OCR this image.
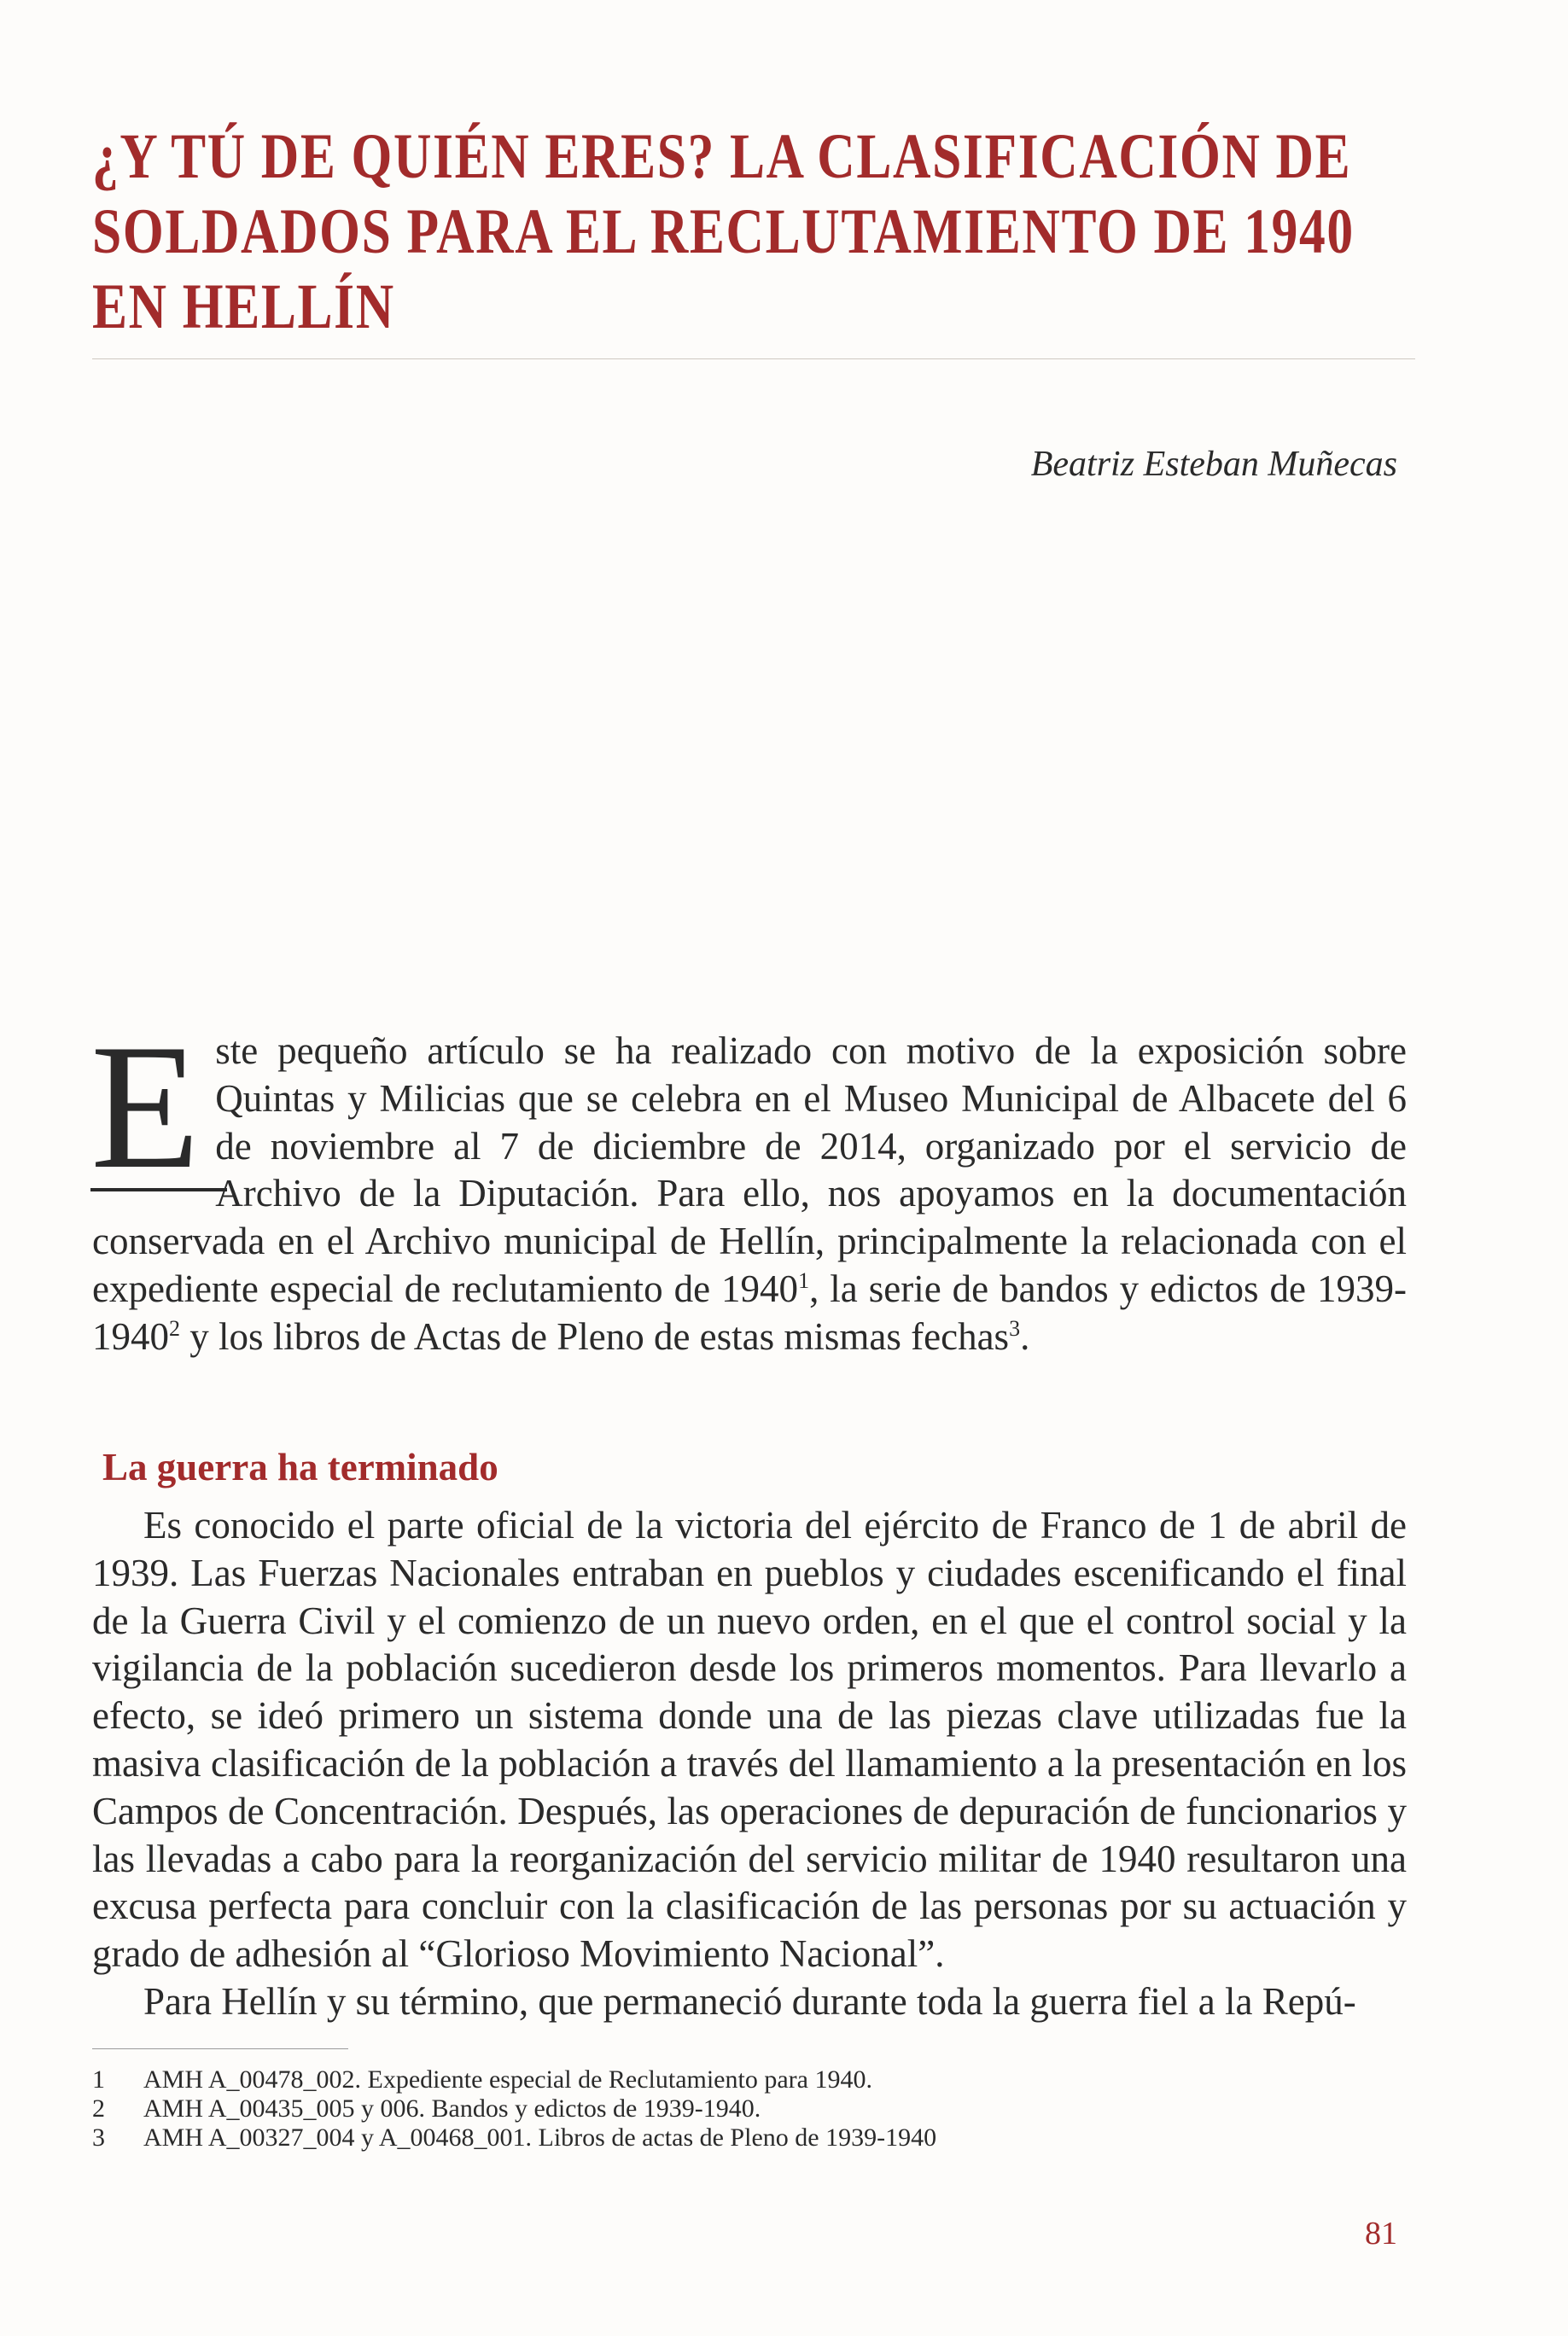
¿Y TÚ DE QUIÉN ERES? LA CLASIFICACIÓN DE SOLDADOS PARA EL RECLUTAMIENTO DE 1940 EN HELLÍN
Beatriz Esteban Muñecas

Este pequeño artículo se ha realizado con motivo de la exposición sobre Quintas y Milicias que se celebra en el Museo Municipal de Albacete del 6 de noviembre al 7 de diciembre de 2014, organizado por el servicio de Archivo de la Diputación. Para ello, nos apoyamos en la documentación conservada en el Archivo municipal de Hellín, principalmente la relacionada con el expediente especial de reclutamiento de 1940$^1$, la serie de bandos y edictos de 1939-1940$^2$ y los libros de Actas de Pleno de estas mismas fechas$^3$.

La guerra ha terminado

Es conocido el parte oficial de la victoria del ejército de Franco de 1 de abril de 1939. Las Fuerzas Nacionales entraban en pueblos y ciudades escenificando el final de la Guerra Civil y el comienzo de un nuevo orden, en el que el control social y la vigilancia de la población sucedieron desde los primeros momentos. Para llevarlo a efecto, se ideó primero un sistema donde una de las piezas clave utilizadas fue la masiva clasificación de la población a través del llamamiento a la presentación en los Campos de Concentración. Después, las operaciones de depuración de funcionarios y las llevadas a cabo para la reorganización del servicio militar de 1940 resultaron una excusa perfecta para concluir con la clasificación de las personas por su actuación y grado de adhesión al “Glorioso Movimiento Nacional”.

Para Hellín y su término, que permaneció durante toda la guerra fiel a la Repú-

1	AMH A_00478_002. Expediente especial de Reclutamiento para 1940.

2	AMH A_00435_005 y 006. Bandos y edictos de 1939-1940.

3	AMH A_00327_004 y A_00468_001. Libros de actas de Pleno de 1939-1940

81
